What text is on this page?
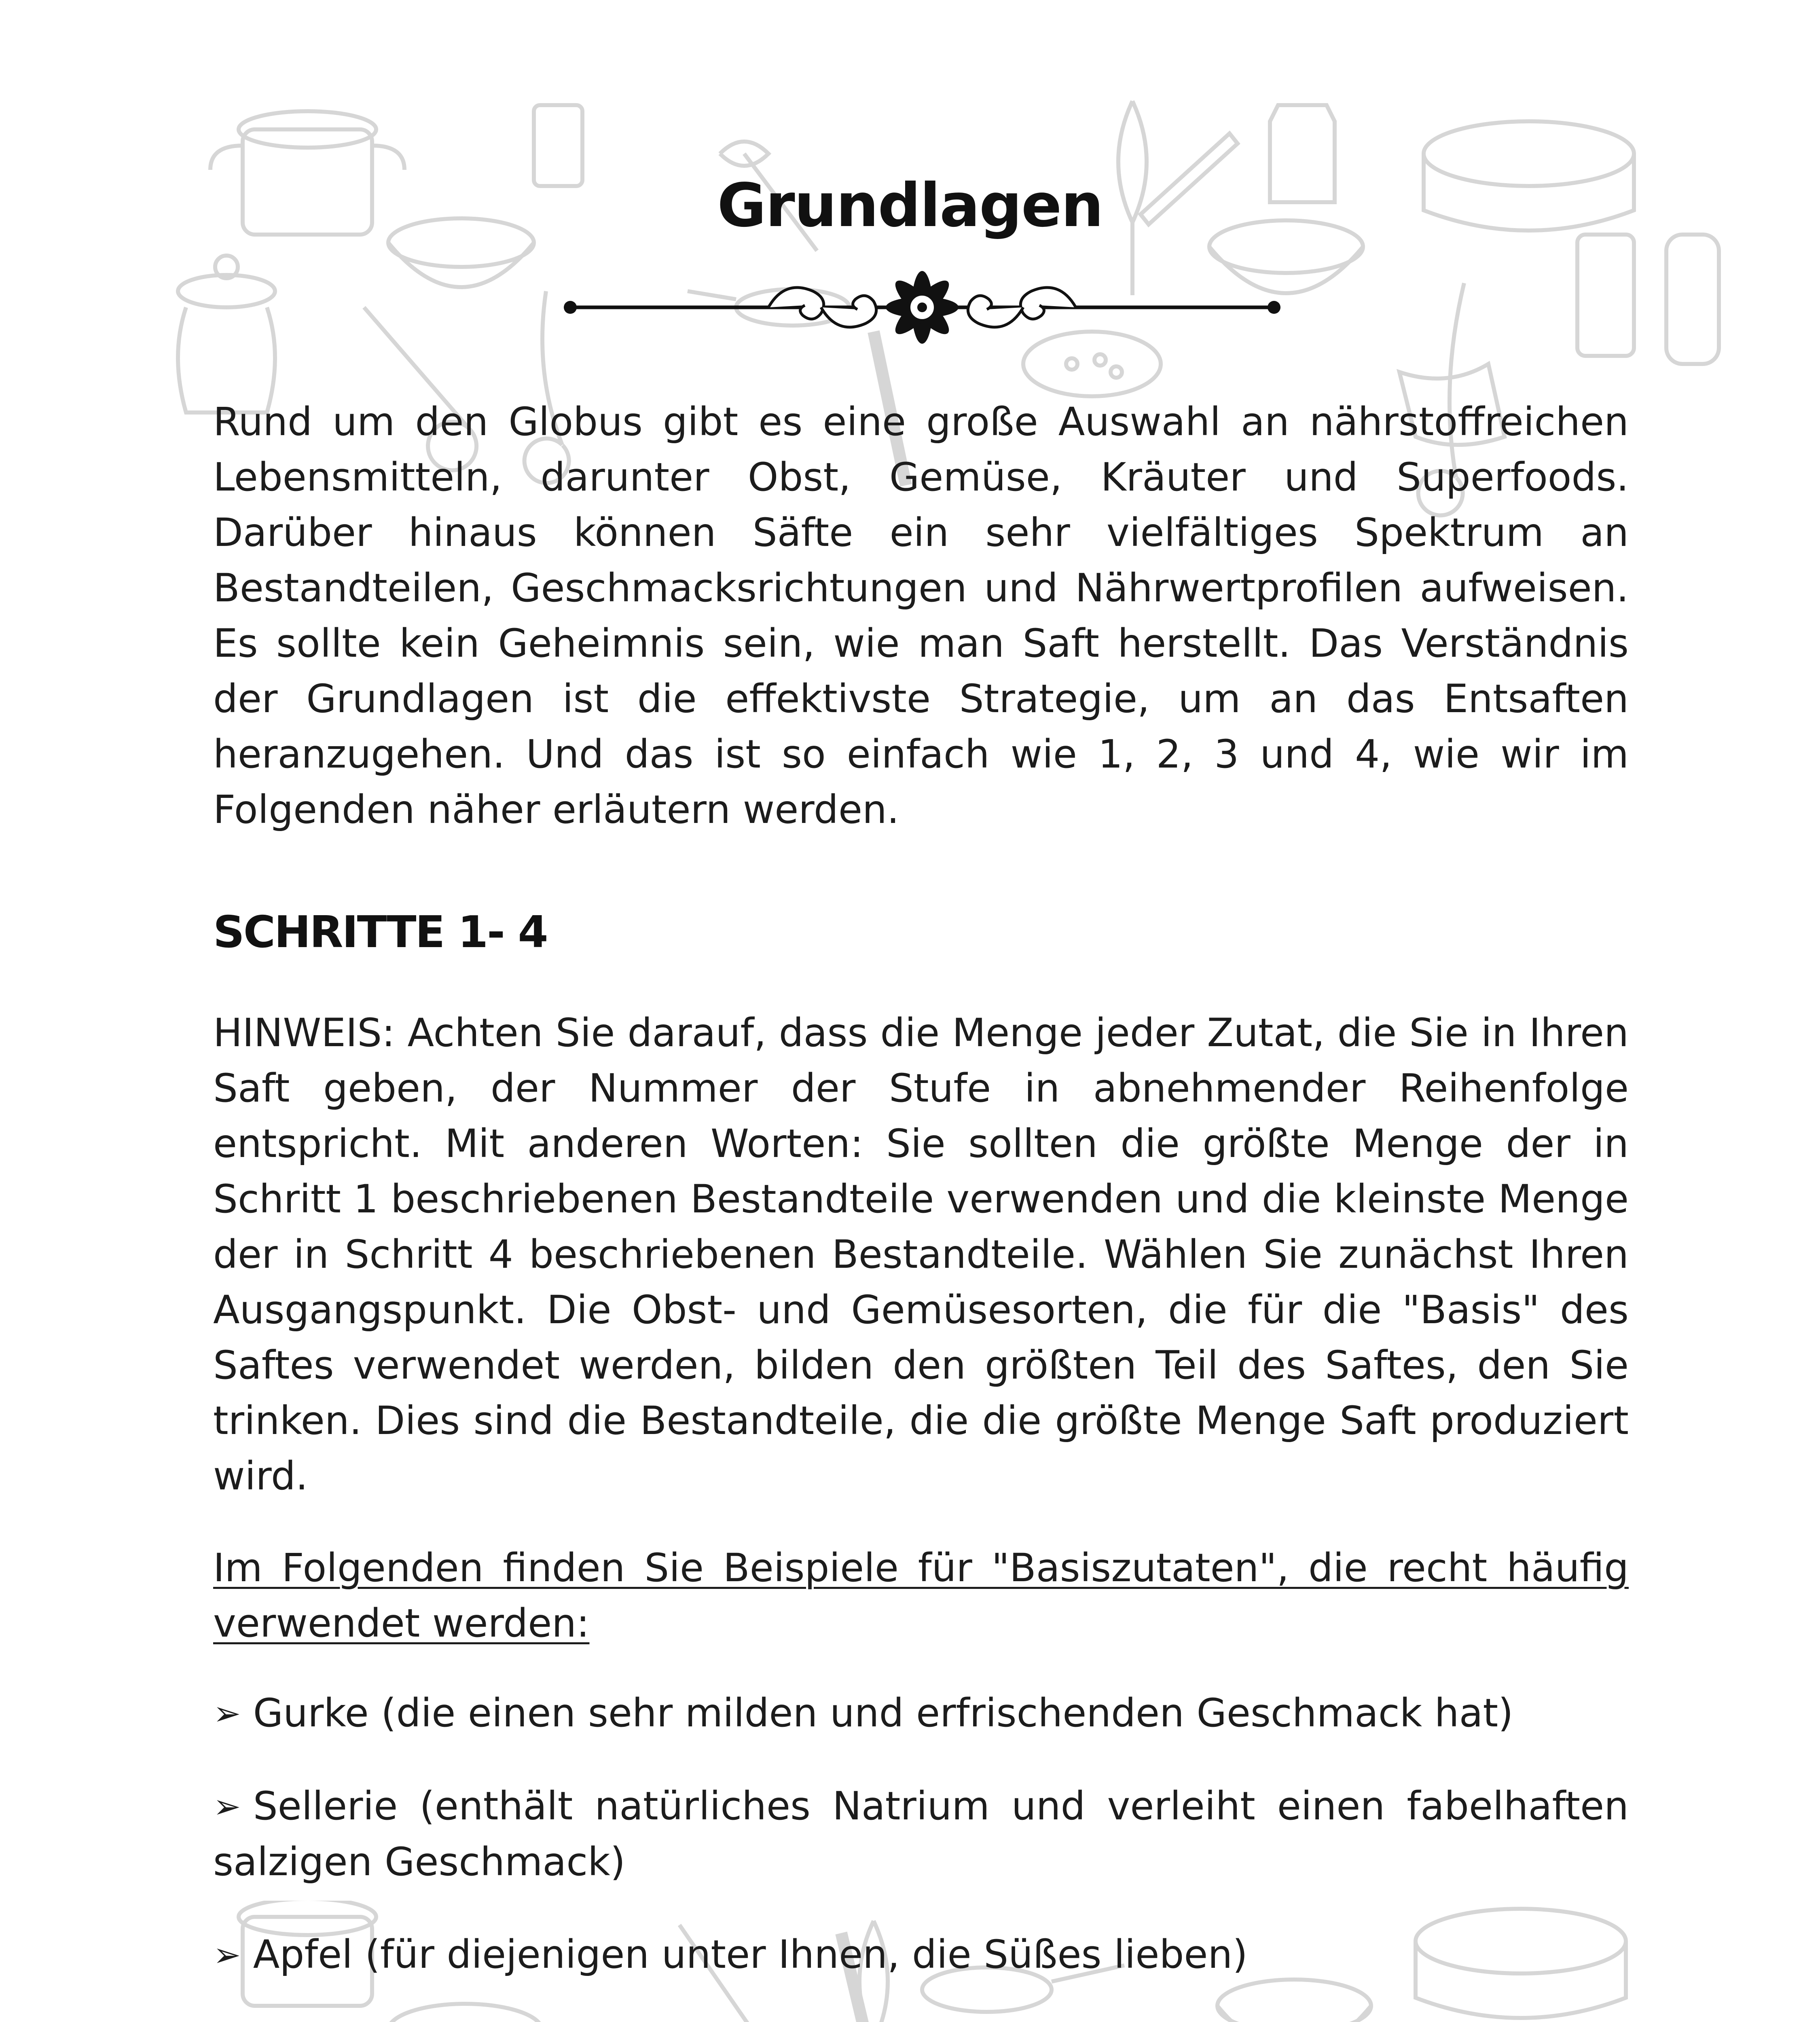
Grundlagen

Rund um den Globus gibt es eine große Auswahl an nährstoffreichen Lebensmitteln, darunter Obst, Gemüse, Kräuter und Superfoods. Darüber hinaus können Säfte ein sehr vielfältiges Spektrum an Bestandteilen, Geschmacksrichtungen und Nährwertprofilen aufweisen. Es sollte kein Geheimnis sein, wie man Saft herstellt. Das Verständnis der Grundlagen ist die effektivste Strategie, um an das Entsaften heranzugehen. Und das ist so einfach wie 1, 2, 3 und 4, wie wir im Folgenden näher erläutern werden.

SCHRITTE 1- 4

HINWEIS: Achten Sie darauf, dass die Menge jeder Zutat, die Sie in Ihren Saft geben, der Nummer der Stufe in abnehmender Reihenfolge entspricht. Mit anderen Worten: Sie sollten die größte Menge der in Schritt 1 beschriebenen Bestandteile verwenden und die kleinste Menge der in Schritt 4 beschriebenen Bestandteile. Wählen Sie zunächst Ihren Ausgangspunkt. Die Obst- und Gemüsesorten, die für die "Basis" des Saftes verwendet werden, bilden den größten Teil des Saftes, den Sie trinken. Dies sind die Bestandteile, die die größte Menge Saft produziert wird.

Im Folgenden finden Sie Beispiele für "Basiszutaten", die recht häufig verwendet werden:

➢ Gurke (die einen sehr milden und erfrischenden Geschmack hat)

➢ Sellerie (enthält natürliches Natrium und verleiht einen fabelhaften salzigen Geschmack)

➢ Apfel (für diejenigen unter Ihnen, die Süßes lieben)
